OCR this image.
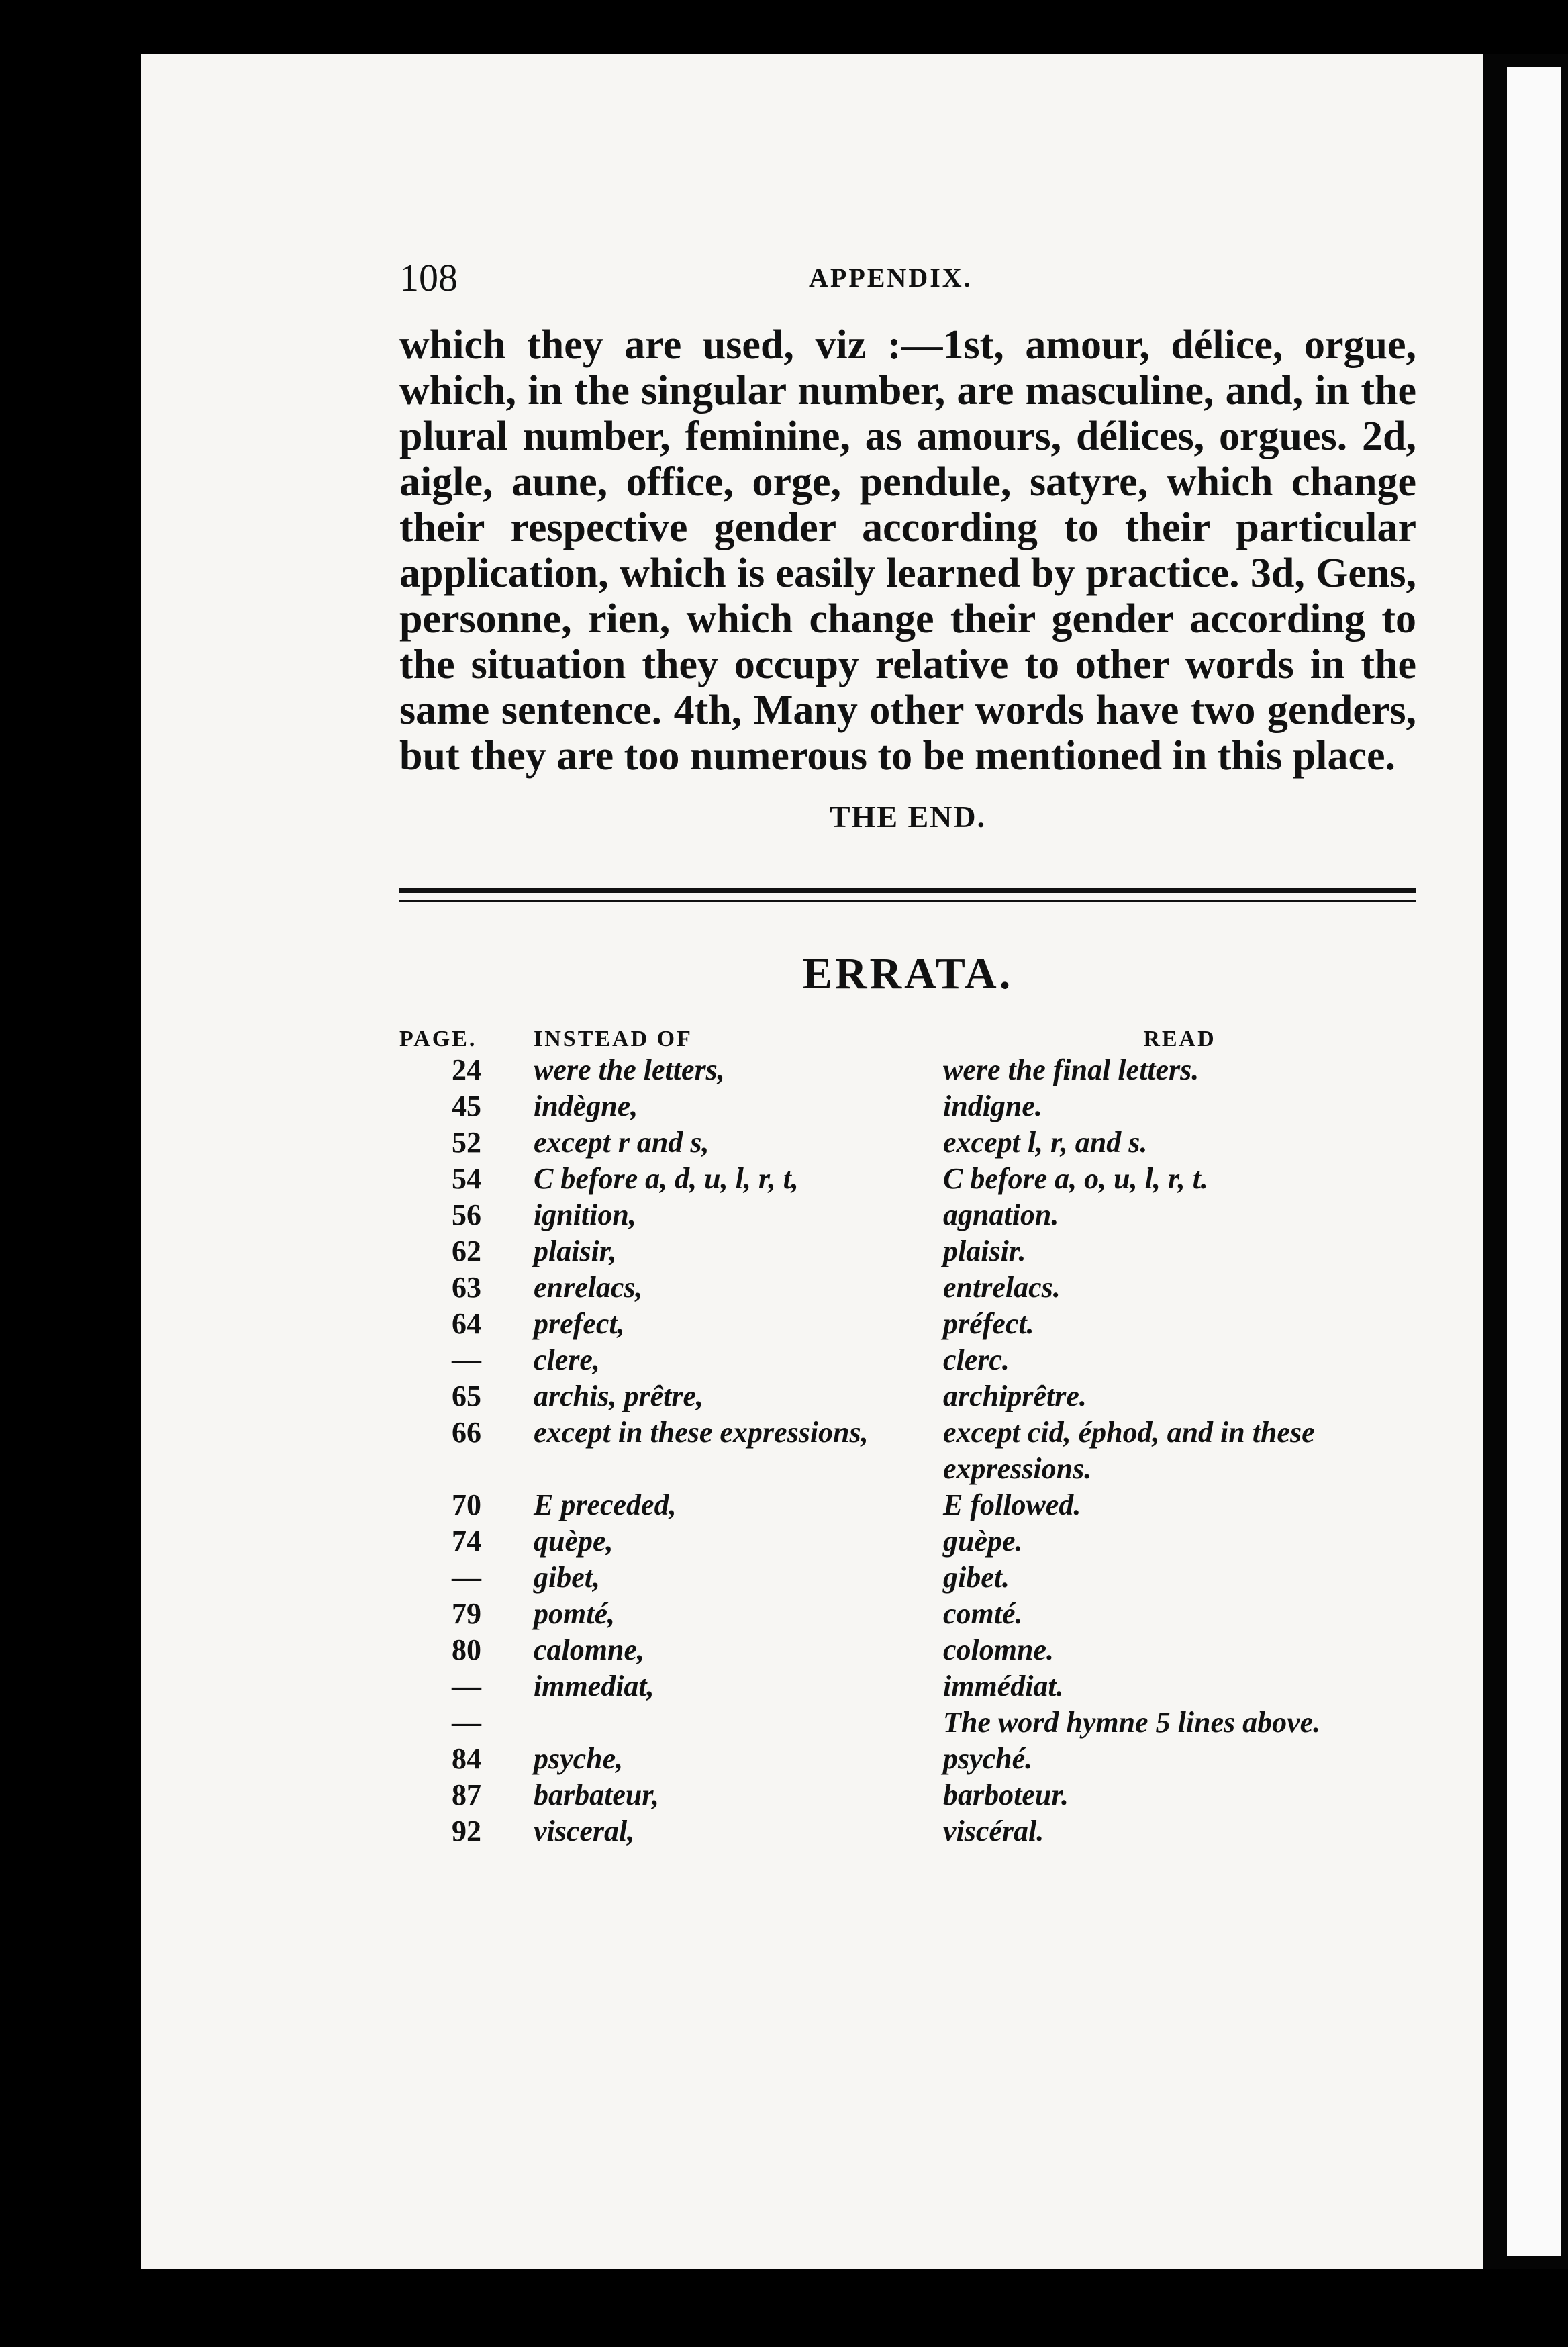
108	APPENDIX.

which they are used, viz :—1st, amour, délice, orgue, which, in the singular number, are masculine, and, in the plural number, feminine, as amours, délices, orgues. 2d, aigle, aune, office, orge, pendule, satyre, which change their respective gender according to their particular application, which is easily learned by practice. 3d, Gens, personne, rien, which change their gender according to the situation they occupy relative to other words in the same sentence. 4th, Many other words have two genders, but they are too numerous to be mentioned in this place.

THE END.
ERRATA.
PAGE.	INSTEAD OF	READ
24	were the letters,	were the final letters.
45	indègne,	indigne.
52	except r and s,	except l, r, and s.
54	C before a, d, u, l, r, t,	C before a, o, u, l, r, t.
56	ignition,	agnation.
62	plaisir,	plaisir.
63	enrelacs,	entrelacs.
64	prefect,	préfect.
—	clere,	clerc.
65	archis, prêtre,	archiprêtre.
66	except in these expressions,	except cid, éphod, and in these expressions.
70	E preceded,	E followed.
74	quèpe,	guèpe.
—	gibet,	gibet.
79	pomté,	comté.
80	calomne,	colomne.
—	immediat,	immédiat.
—		The word hymne 5 lines above.
84	psyche,	psyché.
87	barbateur,	barboteur.
92	visceral,	viscéral.
